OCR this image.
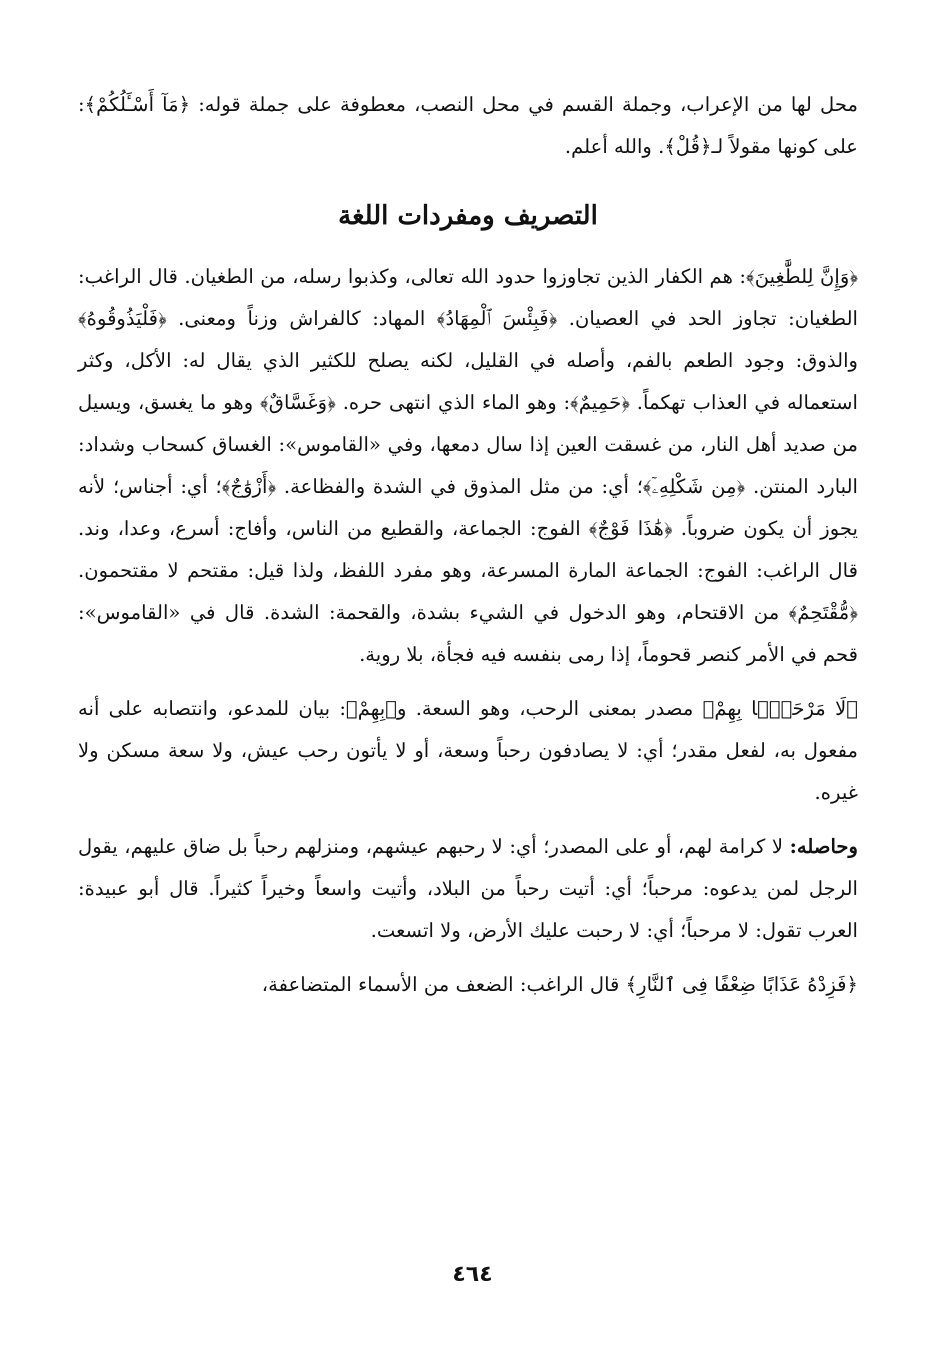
محل لها من الإعراب، وجملة القسم في محل النصب، معطوفة على جملة قوله: ﴿مَآ أَسْـَٔلُكُمْ﴾: على كونها مقولاً لـ﴿قُلْ﴾. والله أعلم.

التصريف ومفردات اللغة

﴿وَإِنَّ لِلطَّٰغِينَ﴾: هم الكفار الذين تجاوزوا حدود الله تعالى، وكذبوا رسله، من الطغيان. قال الراغب: الطغيان: تجاوز الحد في العصيان. ﴿فَبِئْسَ ٱلْمِهَادُ﴾ المهاد: كالفراش وزناً ومعنى. ﴿فَلْيَذُوقُوهُ﴾ والذوق: وجود الطعم بالفم، وأصله في القليل، لكنه يصلح للكثير الذي يقال له: الأكل، وكثر استعماله في العذاب تهكماً. ﴿حَمِيمٌ﴾: وهو الماء الذي انتهى حره. ﴿وَغَسَّاقٌ﴾ وهو ما يغسق، ويسيل من صديد أهل النار، من غسقت العين إذا سال دمعها، وفي «القاموس»: الغساق كسحاب وشداد: البارد المنتن. ﴿مِن شَكْلِهِۦٓ﴾؛ أي: من مثل المذوق في الشدة والفظاعة. ﴿أَزْوَٰجٌ﴾؛ أي: أجناس؛ لأنه يجوز أن يكون ضروباً. ﴿هَٰذَا فَوْجٌ﴾ الفوج: الجماعة، والقطيع من الناس، وأفاج: أسرع، وعدا، وند. قال الراغب: الفوج: الجماعة المارة المسرعة، وهو مفرد اللفظ، ولذا قيل: مقتحم لا مقتحمون. ﴿مُّقْتَحِمٌ﴾ من الاقتحام، وهو الدخول في الشيء بشدة، والقحمة: الشدة. قال في «القاموس»: قحم في الأمر كنصر قحوماً، إذا رمى بنفسه فيه فجأة، بلا روية.

﴿لَا مَرْحَبًۢا بِهِمْ﴾ مصدر بمعنى الرحب، وهو السعة. و﴿بِهِمْ﴾: بيان للمدعو، وانتصابه على أنه مفعول به، لفعل مقدر؛ أي: لا يصادفون رحباً وسعة، أو لا يأتون رحب عيش، ولا سعة مسكن ولا غيره.

وحاصله: لا كرامة لهم، أو على المصدر؛ أي: لا رحبهم عيشهم، ومنزلهم رحباً بل ضاق عليهم، يقول الرجل لمن يدعوه: مرحباً؛ أي: أتيت رحباً من البلاد، وأتيت واسعاً وخيراً كثيراً. قال أبو عبيدة: العرب تقول: لا مرحباً؛ أي: لا رحبت عليك الأرض، ولا اتسعت.

﴿فَزِدْهُ عَذَابًا ضِعْفًا فِى ٱلنَّارِ﴾ قال الراغب: الضعف من الأسماء المتضاعفة،

٤٦٤
